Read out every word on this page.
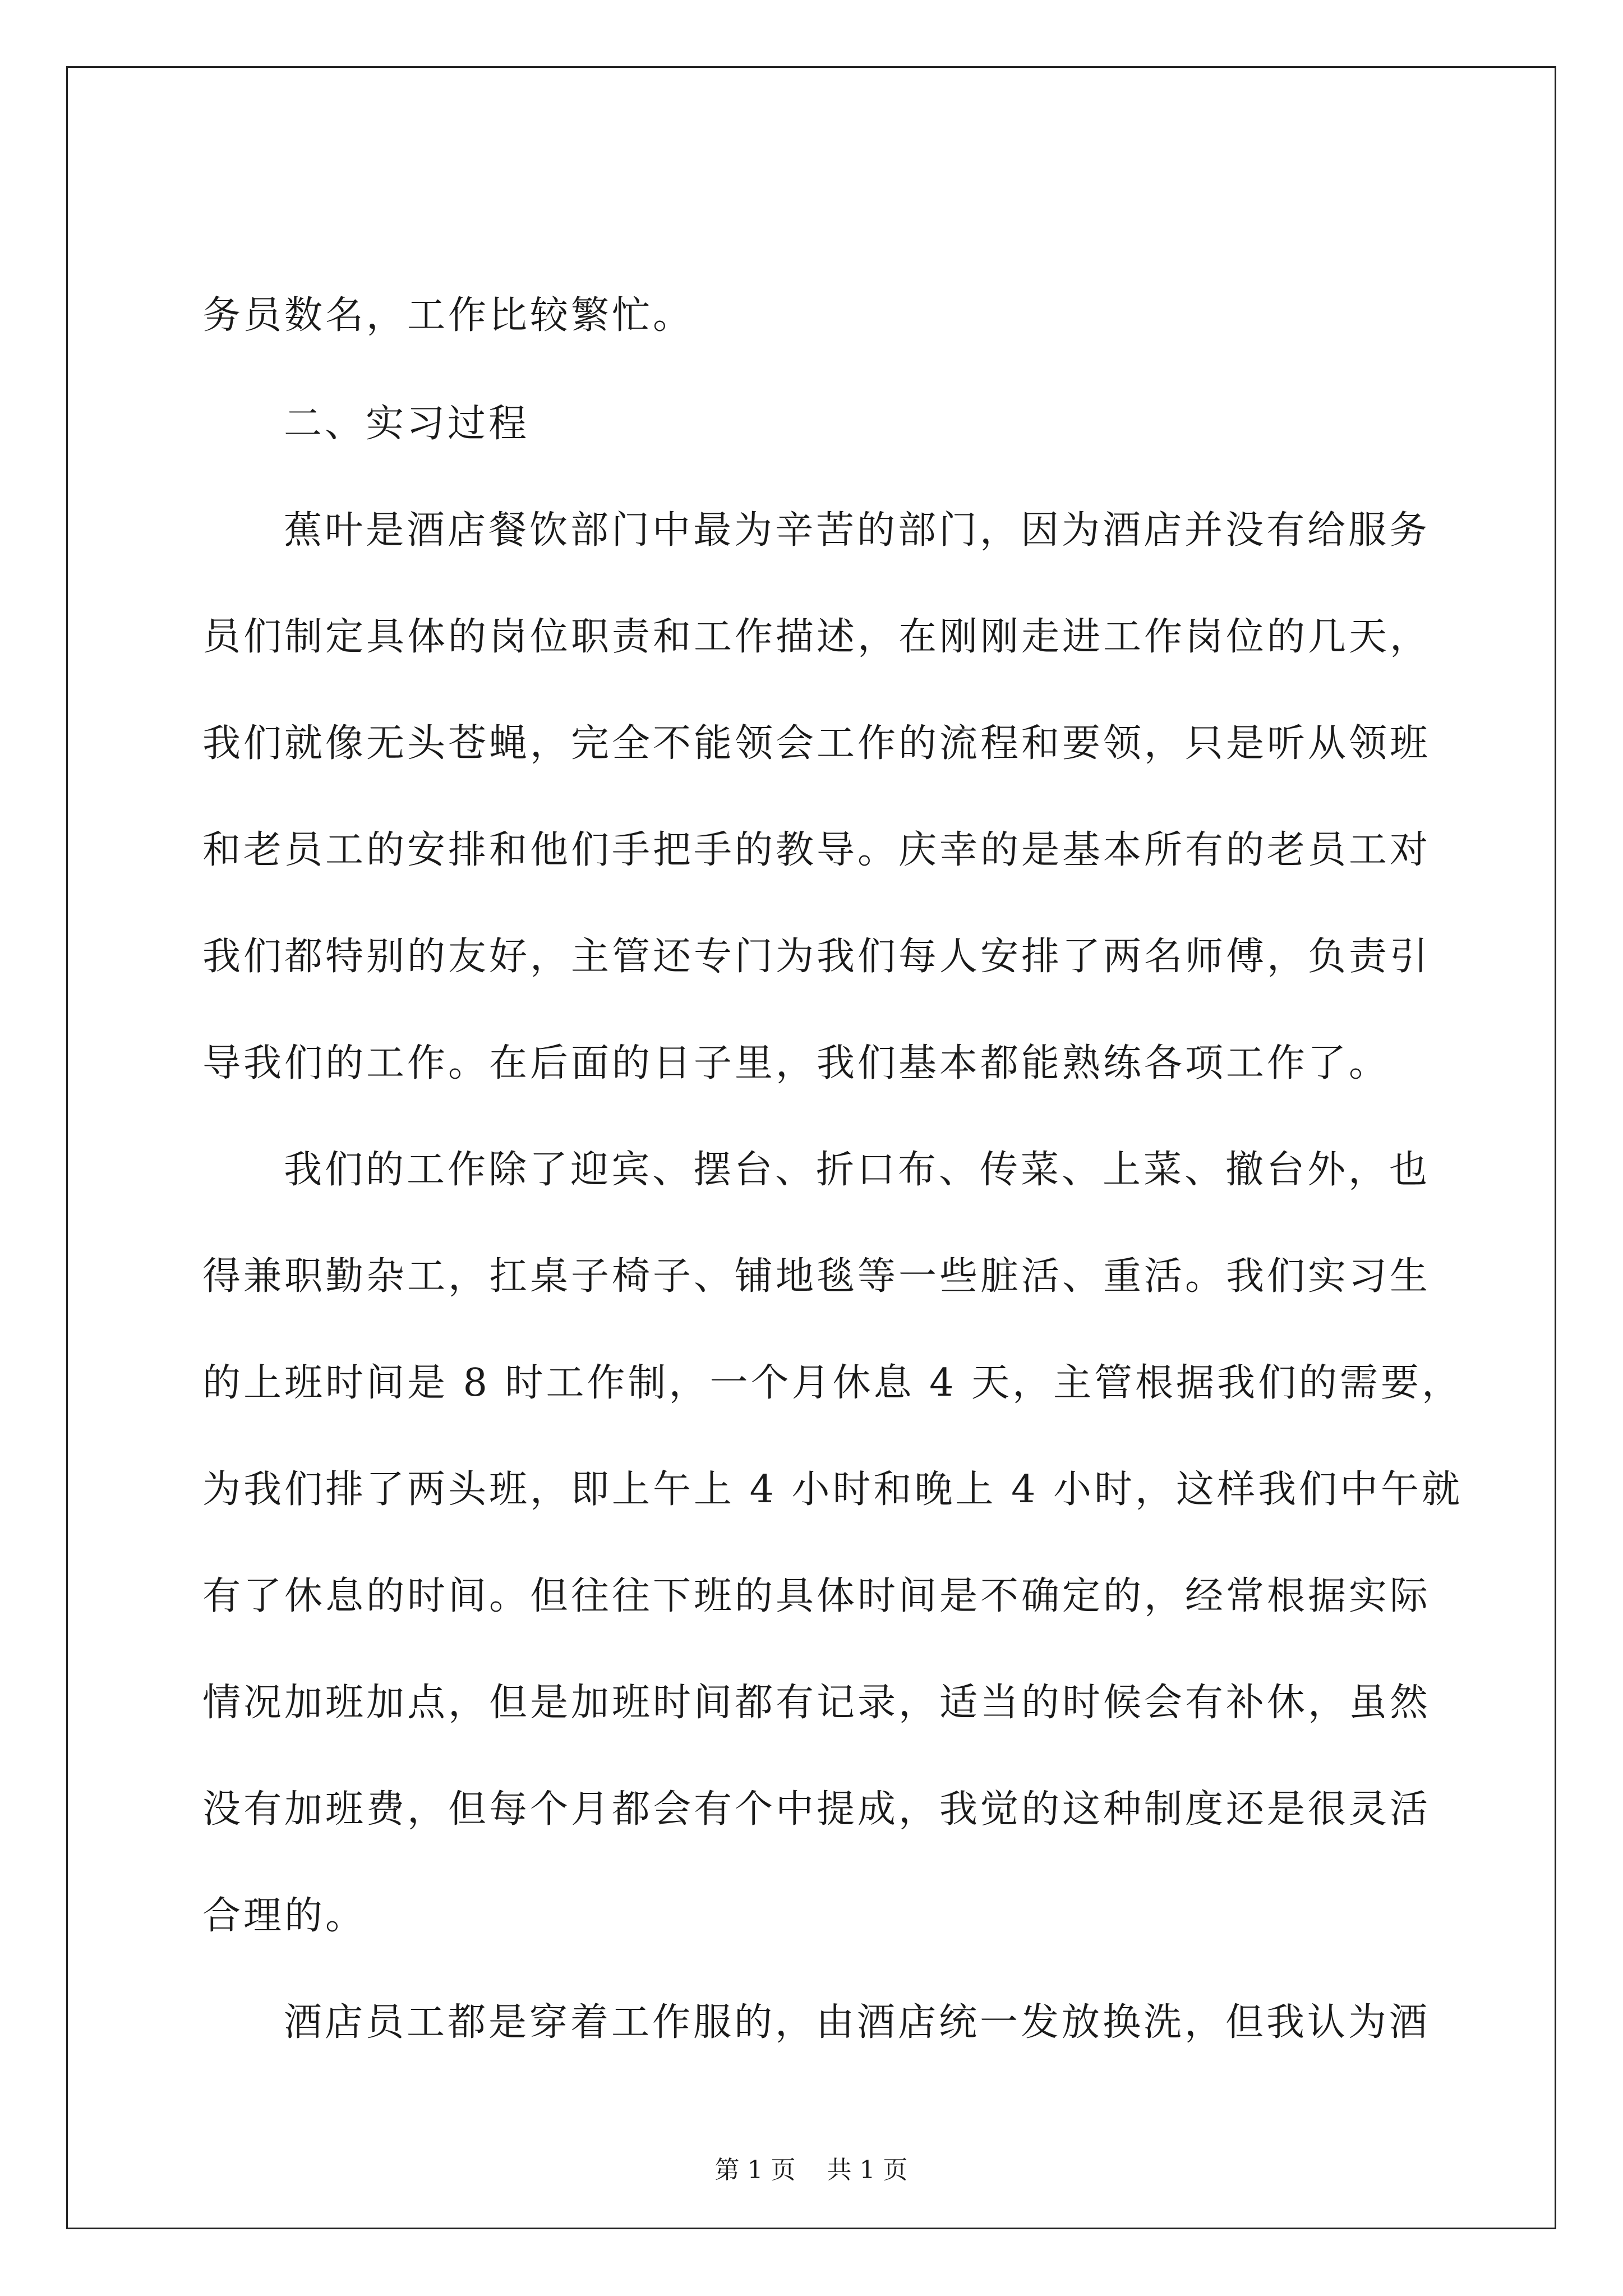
务员数名，工作比较繁忙。
二、实习过程
蕉叶是酒店餐饮部门中最为辛苦的部门，因为酒店并没有给服务
员们制定具体的岗位职责和工作描述，在刚刚走进工作岗位的几天，
我们就像无头苍蝇，完全不能领会工作的流程和要领，只是听从领班
和老员工的安排和他们手把手的教导。庆幸的是基本所有的老员工对
我们都特别的友好，主管还专门为我们每人安排了两名师傅，负责引
导我们的工作。在后面的日子里，我们基本都能熟练各项工作了。
我们的工作除了迎宾、摆台、折口布、传菜、上菜、撤台外，也
得兼职勤杂工，扛桌子椅子、铺地毯等一些脏活、重活。我们实习生
的上班时间是 8 时工作制，一个月休息 4 天，主管根据我们的需要，
为我们排了两头班，即上午上 4 小时和晚上 4 小时，这样我们中午就
有了休息的时间。但往往下班的具体时间是不确定的，经常根据实际
情况加班加点，但是加班时间都有记录，适当的时候会有补休，虽然
没有加班费，但每个月都会有个中提成，我觉的这种制度还是很灵活
合理的。
酒店员工都是穿着工作服的，由酒店统一发放换洗，但我认为酒
第 1 页    共 1 页
